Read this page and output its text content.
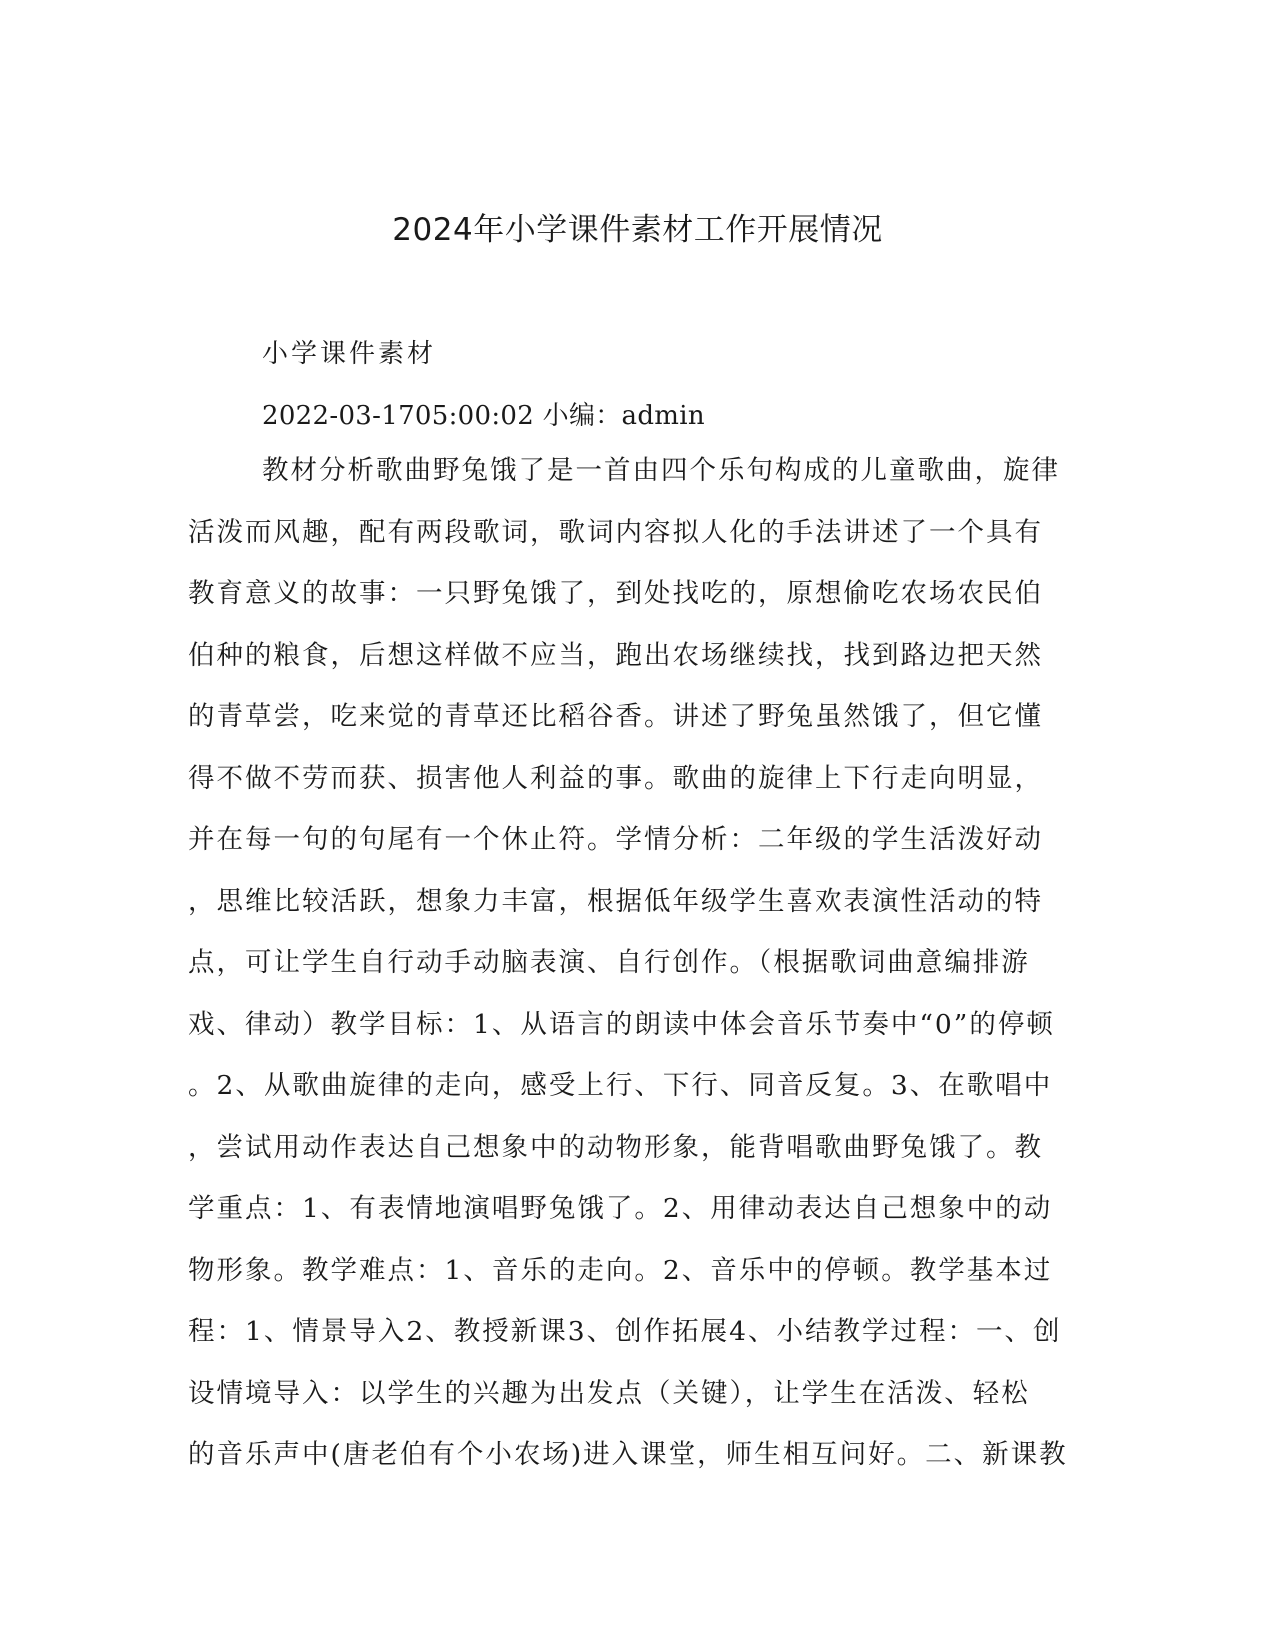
2024年小学课件素材工作开展情况

小学课件素材

2022-03-1705:00:02 小编：admin

教材分析歌曲野兔饿了是一首由四个乐句构成的儿童歌曲，旋律
活泼而风趣，配有两段歌词，歌词内容拟人化的手法讲述了一个具有
教育意义的故事：一只野兔饿了，到处找吃的，原想偷吃农场农民伯
伯种的粮食，后想这样做不应当，跑出农场继续找，找到路边把天然
的青草尝，吃来觉的青草还比稻谷香。讲述了野兔虽然饿了，但它懂
得不做不劳而获、损害他人利益的事。歌曲的旋律上下行走向明显，
并在每一句的句尾有一个休止符。学情分析：二年级的学生活泼好动
，思维比较活跃，想象力丰富，根据低年级学生喜欢表演性活动的特
点，可让学生自行动手动脑表演、自行创作。（根据歌词曲意编排游
戏、律动）教学目标：1、从语言的朗读中体会音乐节奏中“0”的停顿
。2、从歌曲旋律的走向，感受上行、下行、同音反复。3、在歌唱中
，尝试用动作表达自己想象中的动物形象，能背唱歌曲野兔饿了。教
学重点：1、有表情地演唱野兔饿了。2、用律动表达自己想象中的动
物形象。教学难点：1、音乐的走向。2、音乐中的停顿。教学基本过
程：1、情景导入2、教授新课3、创作拓展4、小结教学过程：一、创
设情境导入：以学生的兴趣为出发点（关键），让学生在活泼、轻松
的音乐声中(唐老伯有个小农场)进入课堂，师生相互问好。二、新课教
